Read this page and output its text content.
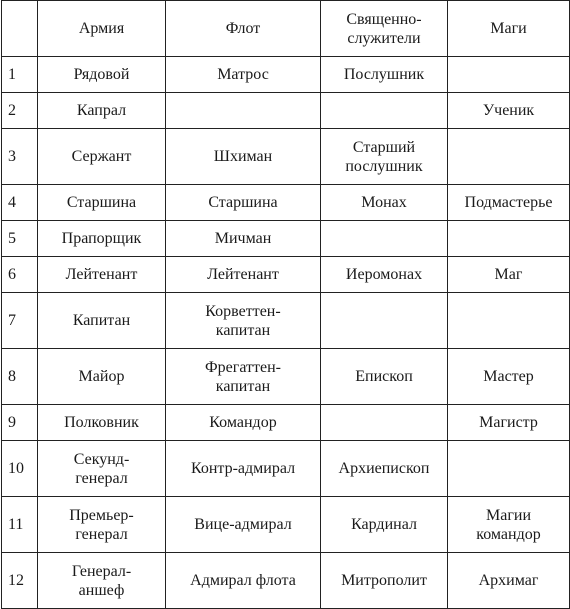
	Армия	Флот	Священно-
служители	Маги
1	Рядовой	Матрос	Послушник	
2	Капрал			Ученик
3	Сержант	Шхиман	Старший
послушник	
4	Старшина	Старшина	Монах	Подмастерье
5	Прапорщик	Мичман		
6	Лейтенант	Лейтенант	Иеромонах	Маг
7	Капитан	Корветтен-
капитан		
8	Майор	Фрегаттен-
капитан	Епископ	Мастер
9	Полковник	Командор		Магистр
10	Секунд-
генерал	Контр-адмирал	Архиепископ	
11	Премьер-
генерал	Вице-адмирал	Кардинал	Магии
командор
12	Генерал-
аншеф	Адмирал флота	Митрополит	Архимаг
